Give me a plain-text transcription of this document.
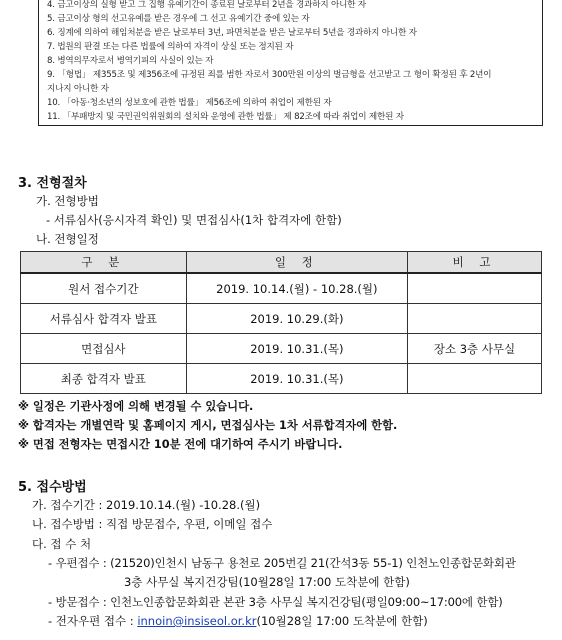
4. 금고이상의 실형 받고 그 집행 유예기간이 종료된 날로부터 2년을 경과하지 아니한 자
5. 금고이상 형의 선고유예를 받은 경우에 그 선고 유예기간 중에 있는 자
6. 징계에 의하여 해임처분을 받은 날로부터 3년, 파면처분을 받은 날로부터 5년을 경과하지 아니한 자
7. 법원의 판결 또는 다른 법률에 의하여 자격이 상실 또는 정지된 자
8. 병역의무자로서 병역기피의 사실이 있는 자
9. 「형법」 제355조 및 제356조에 규정된 죄를 범한 자로서 300만원 이상의 벌금형을 선고받고 그 형이 확정된 후 2년이
지나지 아니한 자
10. 「아동·청소년의 성보호에 관한 법률」 제56조에 의하여 취업이 제한된 자
11. 「부패방지 및 국민권익위원회의 설치와 운영에 관한 법률」 제 82조에 따라 취업이 제한된 자
3. 전형절차
가. 전형방법
- 서류심사(응시자격 확인) 및 면접심사(1차 합격자에 한함)
나. 전형일정
구 분	일 정	비 고
원서 접수기간	2019. 10.14.(월) - 10.28.(월)	
서류심사 합격자 발표	2019. 10.29.(화)	
면접심사	2019. 10.31.(목)	장소 3층 사무실
최종 합격자 발표	2019. 10.31.(목)	
※ 일정은 기관사정에 의해 변경될 수 있습니다.
※ 합격자는 개별연락 및 홈페이지 게시, 면접심사는 1차 서류합격자에 한함.
※ 면접 전형자는 면접시간 10분 전에 대기하여 주시기 바랍니다.
5. 접수방법
가. 접수기간 : 2019.10.14.(월) -10.28.(월)
나. 접수방법 : 직접 방문접수, 우편, 이메일 접수
다. 접 수 처
- 우편접수 : (21520)인천시 남동구 용천로 205번길 21(간석3동 55-1) 인천노인종합문화회관
3층 사무실 복지건강팀(10월28일 17:00 도착분에 한함)
- 방문접수 : 인천노인종합문화회관 본관 3층 사무실 복지건강팀(평일09:00~17:00에 한함)
- 전자우편 접수 : innoin@insiseol.or.kr(10월28일 17:00 도착분에 한함)
